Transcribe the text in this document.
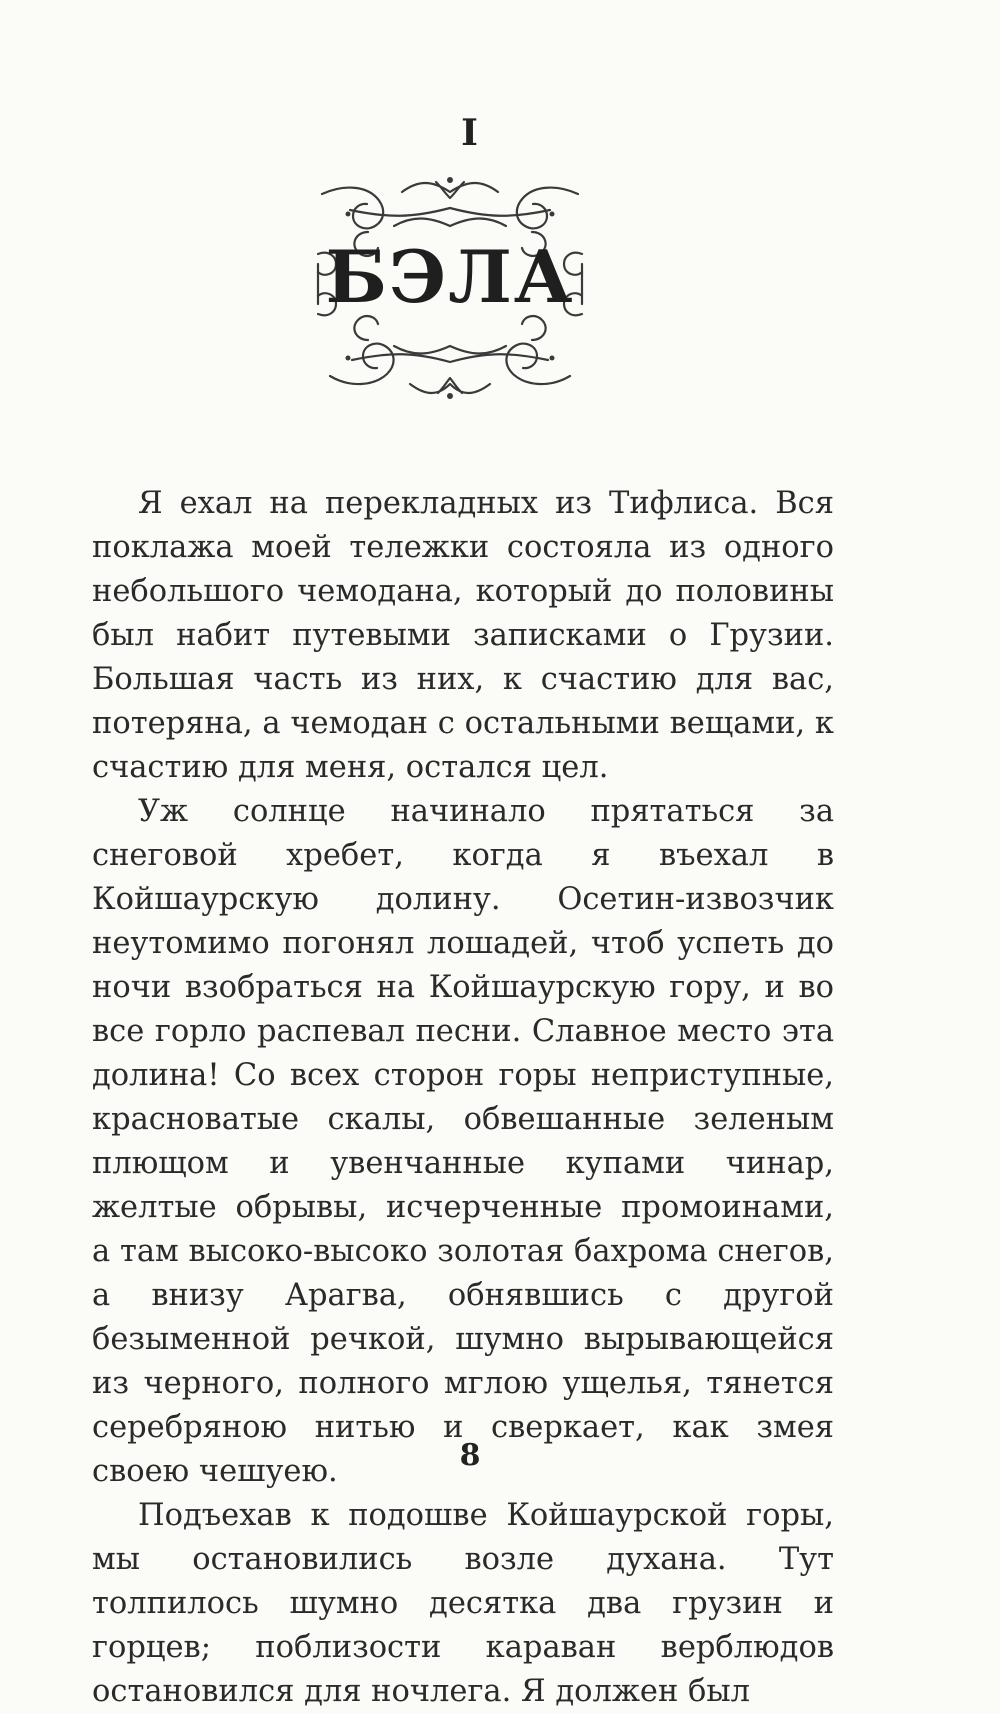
I
БЭЛА

Я ехал на перекладных из Тифлиса. Вся поклажа моей тележки состояла из одного небольшого чемодана, который до половины был набит путевыми записками о Грузии. Большая часть из них, к счастию для вас, потеряна, а чемодан с остальными вещами, к счастию для меня, остался цел.

Уж солнце начинало прятаться за снеговой хребет, когда я въехал в Койшаурскую долину. Осетин-извозчик неутомимо погонял лошадей, чтоб успеть до ночи взобраться на Койшаурскую гору, и во все горло распевал песни. Славное место эта долина! Со всех сторон горы неприступные, красноватые скалы, обвешанные зеленым плющом и увенчанные купами чинар, желтые обрывы, исчерченные промоинами, а там высоко-высоко золотая бахрома снегов, а внизу Арагва, обнявшись с другой безыменной речкой, шумно вырывающейся из черного, полного мглою ущелья, тянется серебряною нитью и сверкает, как змея своею чешуею.

Подъехав к подошве Койшаурской горы, мы остановились возле духана. Тут толпилось шумно десятка два грузин и горцев; поблизости караван верблюдов остановился для ночлега. Я должен был

8
